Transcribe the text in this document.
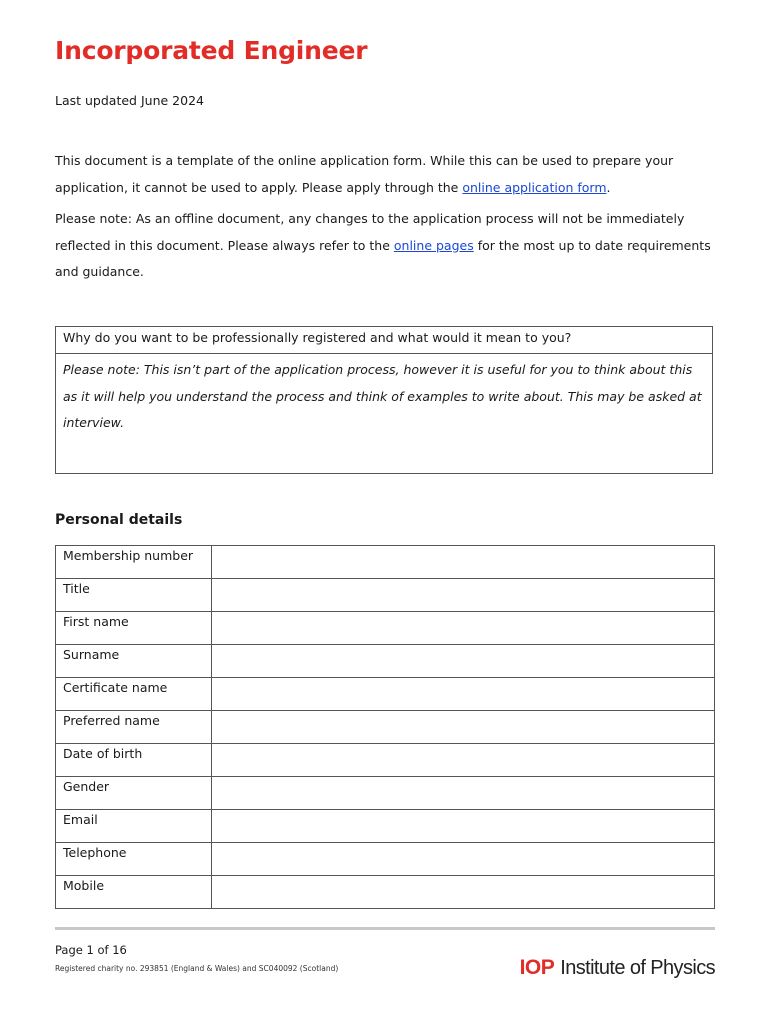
Incorporated Engineer
Last updated June 2024

This document is a template of the online application form. While this can be used to prepare your application, it cannot be used to apply. Please apply through the online application form.

Please note: As an offline document, any changes to the application process will not be immediately reflected in this document. Please always refer to the online pages for the most up to date requirements and guidance.

Why do you want to be professionally registered and what would it mean to you?
Please note: This isn’t part of the application process, however it is useful for you to think about this as it will help you understand the process and think of examples to write about. This may be asked at interview.
Personal details
Membership number	
Title	
First name	
Surname	
Certificate name	
Preferred name	
Date of birth	
Gender	
Email	
Telephone	
Mobile	
Page 1 of 16
Registered charity no. 293851 (England & Wales) and SC040092 (Scotland)	IOP Institute of Physics
